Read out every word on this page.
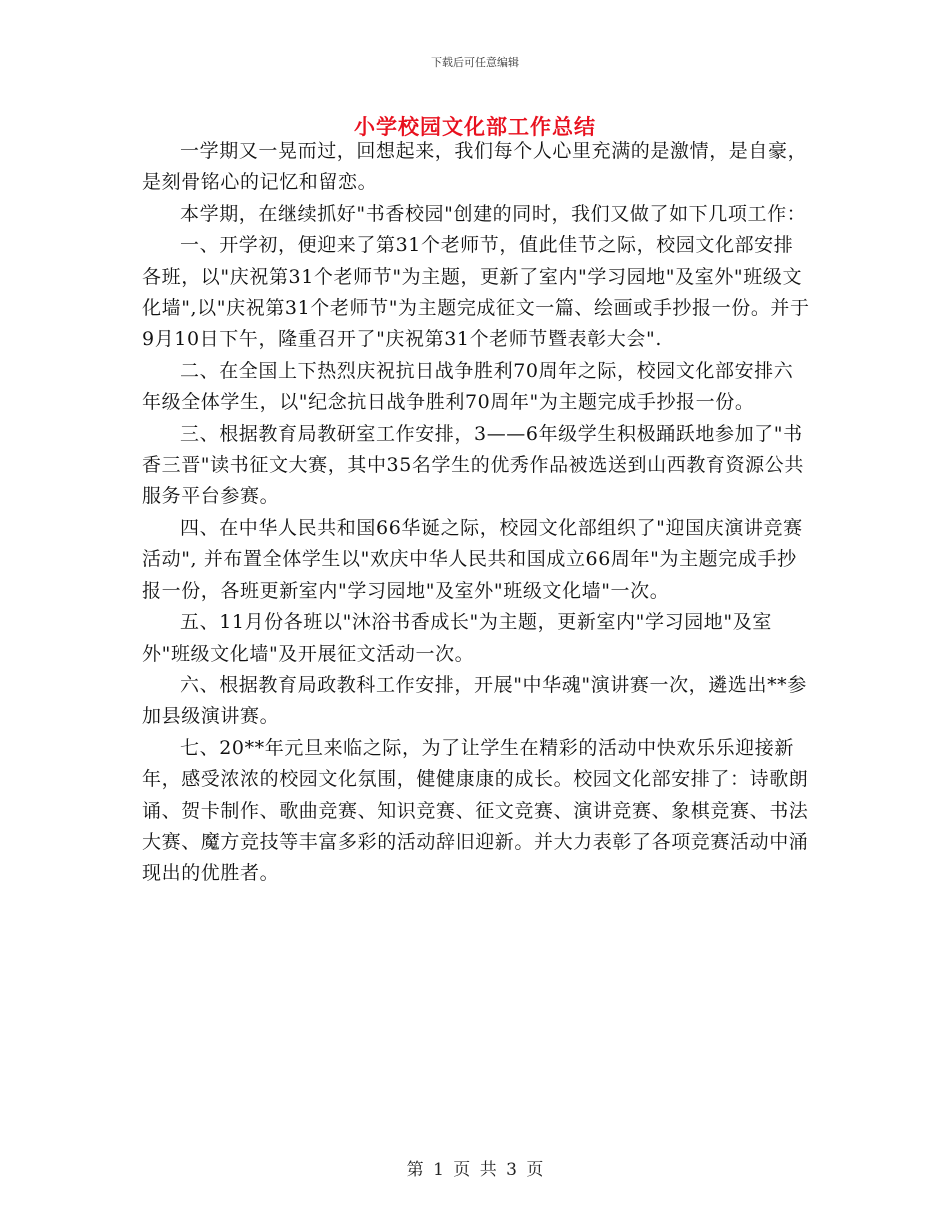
下载后可任意编辑
小学校园文化部工作总结

一学期又一晃而过，回想起来，我们每个人心里充满的是激情，是自豪，是刻骨铭心的记忆和留恋。

本学期，在继续抓好"书香校园"创建的同时，我们又做了如下几项工作：

一、开学初，便迎来了第31个老师节，值此佳节之际，校园文化部安排各班，以"庆祝第31个老师节"为主题，更新了室内"学习园地"及室外"班级文化墙",以"庆祝第31个老师节"为主题完成征文一篇、绘画或手抄报一份。并于9月10日下午，隆重召开了"庆祝第31个老师节暨表彰大会".

二、在全国上下热烈庆祝抗日战争胜利70周年之际，校园文化部安排六年级全体学生，以"纪念抗日战争胜利70周年"为主题完成手抄报一份。

三、根据教育局教研室工作安排，3——6年级学生积极踊跃地参加了"书香三晋"读书征文大赛，其中35名学生的优秀作品被选送到山西教育资源公共服务平台参赛。

四、在中华人民共和国66华诞之际，校园文化部组织了"迎国庆演讲竞赛活动", 并布置全体学生以"欢庆中华人民共和国成立66周年"为主题完成手抄报一份，各班更新室内"学习园地"及室外"班级文化墙"一次。

五、11月份各班以"沐浴书香成长"为主题，更新室内"学习园地"及室外"班级文化墙"及开展征文活动一次。

六、根据教育局政教科工作安排，开展"中华魂"演讲赛一次，遴选出**参加县级演讲赛。

七、20**年元旦来临之际，为了让学生在精彩的活动中快欢乐乐迎接新年，感受浓浓的校园文化氛围，健健康康的成长。校园文化部安排了：诗歌朗诵、贺卡制作、歌曲竞赛、知识竞赛、征文竞赛、演讲竞赛、象棋竞赛、书法大赛、魔方竞技等丰富多彩的活动辞旧迎新。并大力表彰了各项竞赛活动中涌现出的优胜者。

第 1 页 共 3 页
